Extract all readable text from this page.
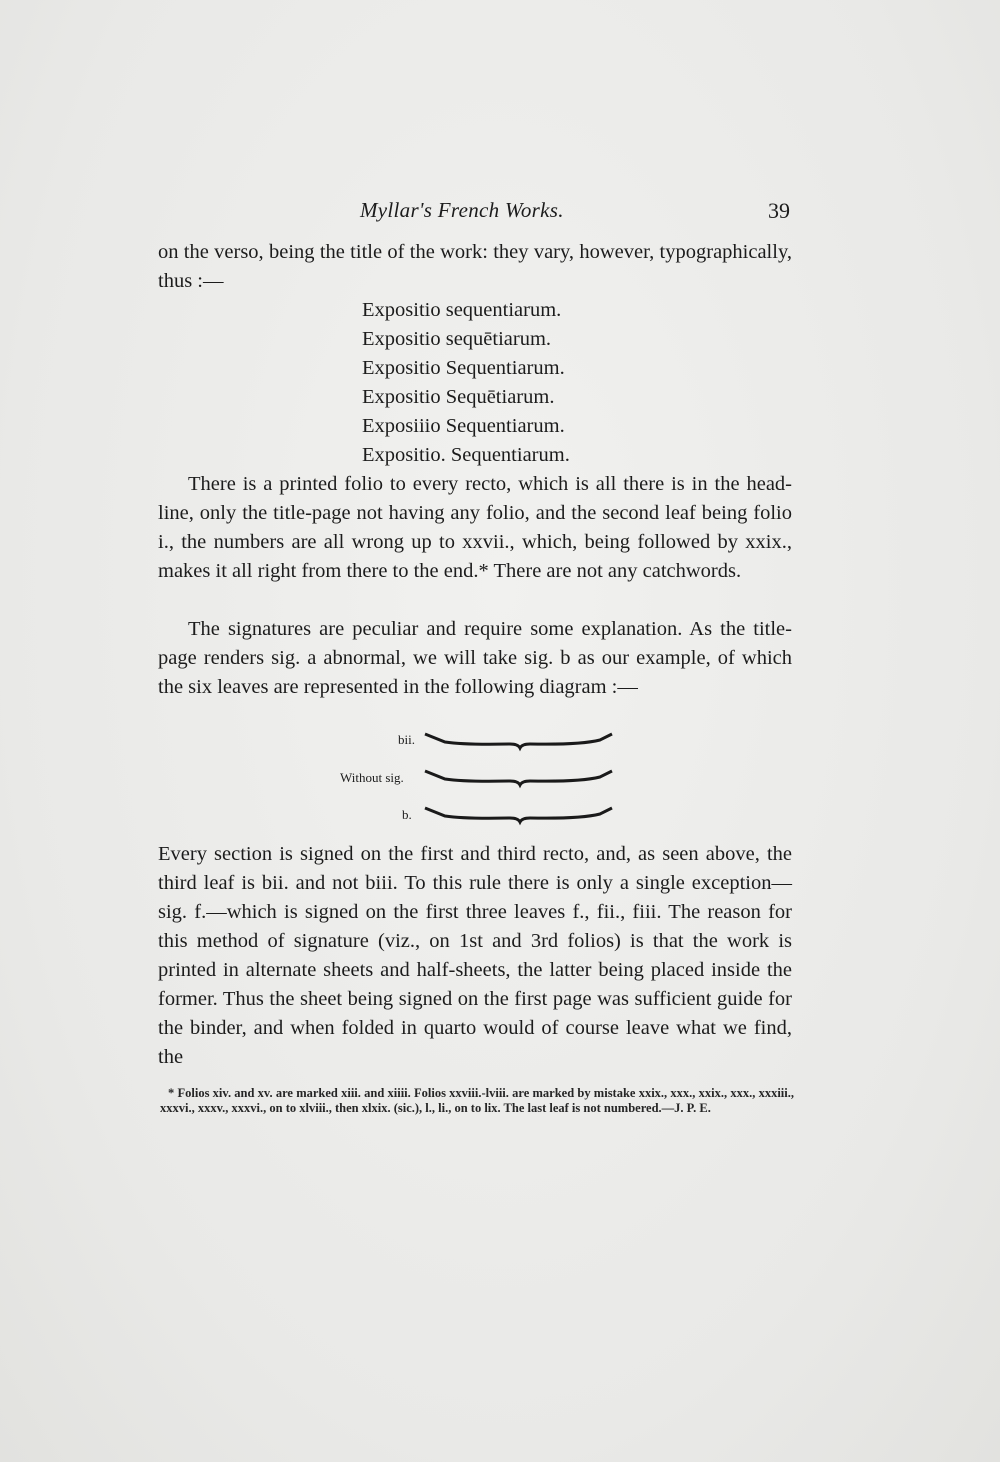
Myllar's French Works.	39

on the verso, being the title of the work: they vary, however, typographically, thus :—

Expositio sequentiarum.
Expositio sequētiarum.
Expositio Sequentiarum.
Expositio Sequētiarum.
Exposiiio Sequentiarum.
Expositio. Sequentiarum.

There is a printed folio to every recto, which is all there is in the head-line, only the title-page not having any folio, and the second leaf being folio i., the numbers are all wrong up to xxvii., which, being followed by xxix., makes it all right from there to the end.* There are not any catchwords.

The signatures are peculiar and require some explanation. As the title-page renders sig. a abnormal, we will take sig. b as our example, of which the six leaves are represented in the following diagram :—

bii.
Without sig.
b.

Every section is signed on the first and third recto, and, as seen above, the third leaf is bii. and not biii. To this rule there is only a single exception—sig. f.—which is signed on the first three leaves f., fii., fiii. The reason for this method of signature (viz., on 1st and 3rd folios) is that the work is printed in alternate sheets and half-sheets, the latter being placed inside the former. Thus the sheet being signed on the first page was sufficient guide for the binder, and when folded in quarto would of course leave what we find, the

* Folios xiv. and xv. are marked xiii. and xiiii. Folios xxviii.-lviii. are marked by mistake xxix., xxx., xxix., xxx., xxxiii., xxxvi., xxxv., xxxvi., on to xlviii., then xlxix. (sic.), l., li., on to lix. The last leaf is not numbered.—J. P. E.
